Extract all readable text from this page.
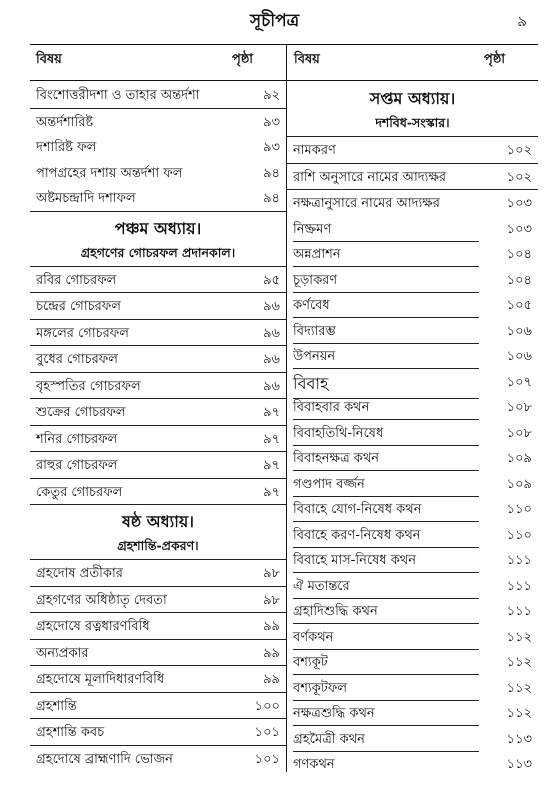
সূচীপত্র	৯
বিষয়	পৃষ্ঠা	বিষয়	পৃষ্ঠা
বিংশোত্তরীদশা ও তাহার অন্তর্দশা	৯২
অন্তর্দশারিষ্ট	৯৩
দশারিষ্ট ফল	৯৩
পাপগ্রহের দশায় অন্তর্দশা ফল	৯৪
অষ্টমচন্দ্রাদি দশাফল	৯৪
পঞ্চম অধ্যায়।
গ্রহগণের গোচরফল প্রদানকাল।
রবির গোচরফল	৯৫
চন্দ্রের গোচরফল	৯৬
মঙ্গলের গোচরফল	৯৬
বুধের গোচরফল	৯৬
বৃহস্পতির গোচরফল	৯৬
শুক্রের গোচরফল	৯৭
শনির গোচরফল	৯৭
রাহুর গোচরফল	৯৭
কেতুর গোচরফল	৯৭
ষষ্ঠ অধ্যায়।
গ্রহশান্তি-প্রকরণ।
গ্রহদোষ প্রতীকার	৯৮
গ্রহগণের অধিষ্ঠাতৃ দেবতা	৯৮
গ্রহদোষে রত্নধারণবিধি	৯৯
অন্যপ্রকার	৯৯
গ্রহদোষে মূলাদিধারণবিধি	৯৯
গ্রহশান্তি	১০০
গ্রহশান্তি কবচ	১০১
গ্রহদোষে ব্রাহ্মণাদি ভোজন	১০১
সপ্তম অধ্যায়।
দশবিধ-সংস্কার।
নামকরণ	১০২
রাশি অনুসারে নামের আদ্যক্ষর	১০২
নক্ষত্রানুসারে নামের আদ্যক্ষর	১০৩
নিষ্ক্রমণ	১০৩
অন্নপ্রাশন	১০৪
চূড়াকরণ	১০৪
কর্ণবেধ	১০৫
বিদ্যারম্ভ	১০৬
উপনয়ন	১০৬
বিবাহ	১০৭
বিবাহবার কথন	১০৮
বিবাহতিথি-নিষেধ	১০৮
বিবাহনক্ষত্র কথন	১০৯
গণ্ডপাদ বৰ্জ্জন	১০৯
বিবাহে যোগ-নিষেধ কথন	১১০
বিবাহে করণ-নিষেধ কথন	১১০
বিবাহে মাস-নিষেধ কথন	১১১
ঐ মতান্তরে	১১১
গ্রহাদিশুদ্ধি কথন	১১১
বর্ণকথন	১১২
বশ্যকূট	১১২
বশ্যকূটফল	১১২
নক্ষত্রশুদ্ধি কথন	১১২
গ্রহমৈত্রী কথন	১১৩
গণকথন	১১৩
